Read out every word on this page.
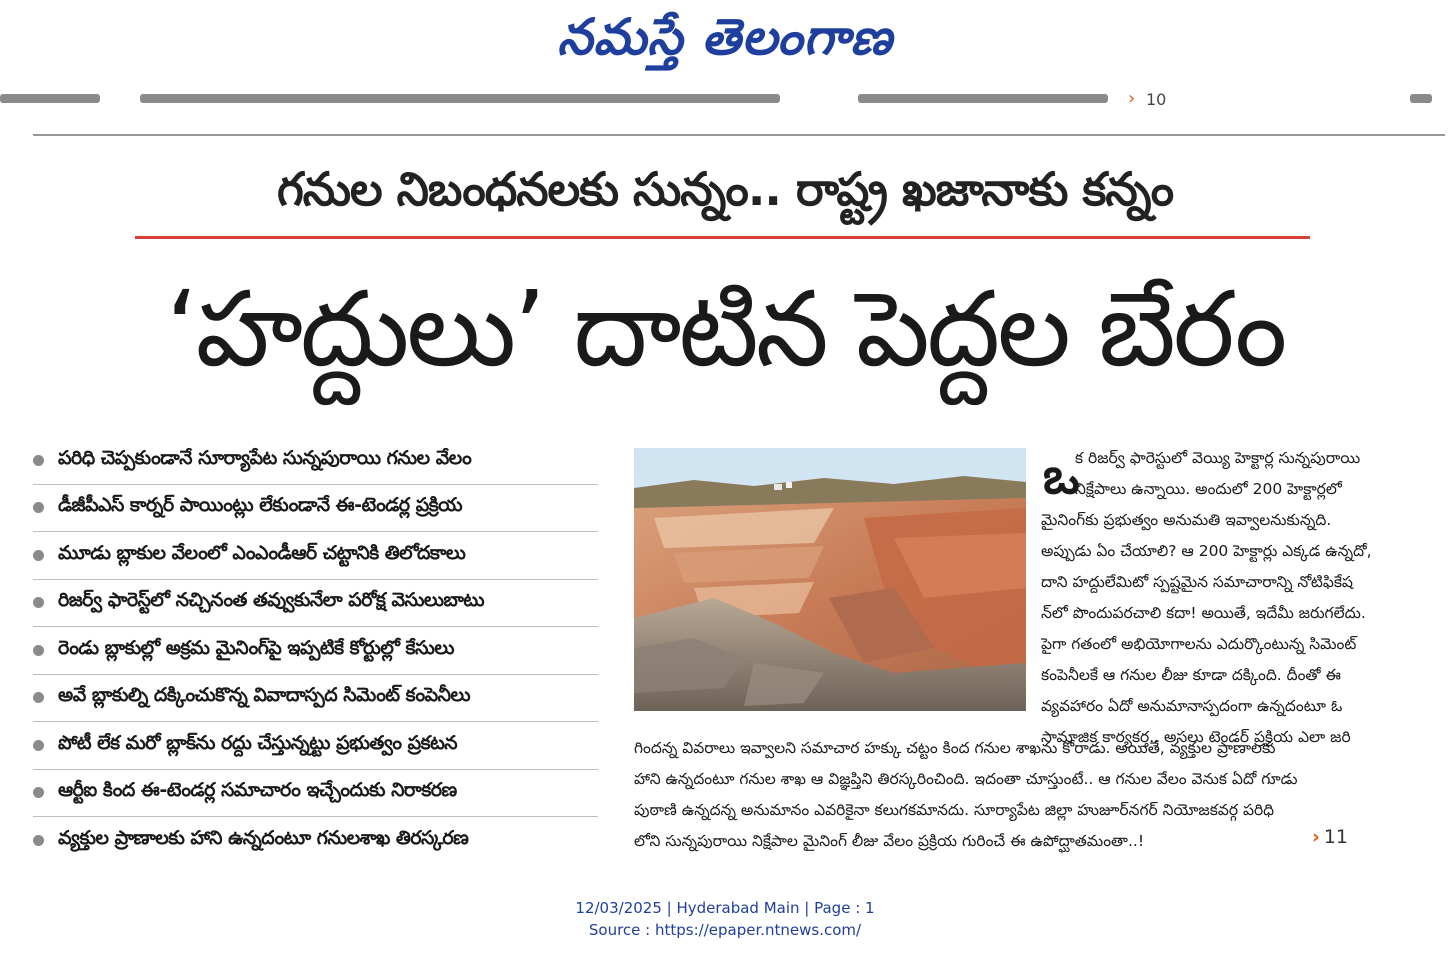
నమస్తే తెలంగాణ
› 10
గనుల నిబంధనలకు సున్నం.. రాష్ట్ర ఖజానాకు కన్నం
‘హద్దులు’ దాటిన పెద్దల బేరం
పరిధి చెప్పకుండానే సూర్యాపేట సున్నపురాయి గనుల వేలం
డీజీపీఎస్ కార్నర్ పాయింట్లు లేకుండానే ఈ-టెండర్ల ప్రక్రియ
మూడు బ్లాకుల వేలంలో ఎంఎండీఆర్ చట్టానికి తిలోదకాలు
రిజర్వ్ ఫారెస్ట్‌లో నచ్చినంత తవ్వుకునేలా పరోక్ష వెసులుబాటు
రెండు బ్లాకుల్లో అక్రమ మైనింగ్‌పై ఇప్పటికే కోర్టుల్లో కేసులు
అవే బ్లాకుల్ని దక్కించుకొన్న వివాదాస్పద సిమెంట్ కంపెనీలు
పోటీ లేక మరో బ్లాక్‌ను రద్దు చేస్తున్నట్టు ప్రభుత్వం ప్రకటన
ఆర్టీఐ కింద ఈ-టెండర్ల సమాచారం ఇచ్చేందుకు నిరాకరణ
వ్యక్తుల ప్రాణాలకు హాని ఉన్నదంటూ గనులశాఖ తిరస్కరణ
ఒ
క రిజర్వ్ ఫారెస్టులో వెయ్యి హెక్టార్ల సున్నపురాయి
నిక్షేపాలు ఉన్నాయి. అందులో 200 హెక్టార్లలో
మైనింగ్‌కు ప్రభుత్వం అనుమతి ఇవ్వాలనుకున్నది.
అప్పుడు ఏం చేయాలి? ఆ 200 హెక్టార్లు ఎక్కడ ఉన్నదో,
దాని హద్దులేమిటో స్పష్టమైన సమాచారాన్ని నోటిఫికేష
న్‌లో పొందుపరచాలి కదా! అయితే, ఇదేమీ జరుగలేదు.
పైగా గతంలో అభియోగాలను ఎదుర్కొంటున్న సిమెంట్
కంపెనీలకే ఆ గనుల లీజు కూడా దక్కింది. దీంతో ఈ
వ్యవహారం ఏదో అనుమానాస్పదంగా ఉన్నదంటూ ఓ
సామాజిక కార్యకర్త.. అసలు టెండర్ ప్రక్రియ ఎలా జరి
గిందన్న వివరాలు ఇవ్వాలని సమాచార హక్కు చట్టం కింద గనుల శాఖను కోరాడు. అయితే, వ్యక్తుల ప్రాణాలకు
హాని ఉన్నదంటూ గనుల శాఖ ఆ విజ్ఞప్తిని తిరస్కరించింది. ఇదంతా చూస్తుంటే.. ఆ గనుల వేలం వెనుక ఏదో గూడు
పుఠాణి ఉన్నదన్న అనుమానం ఎవరికైనా కలుగకమానదు. సూర్యాపేట జిల్లా హుజూర్‌నగర్ నియోజకవర్గ పరిధి
లోని సున్నపురాయి నిక్షేపాల మైనింగ్ లీజు వేలం ప్రక్రియ గురించే ఈ ఉపోద్ఘాతమంతా..!	› 11
12/03/2025 | Hyderabad Main | Page : 1
Source : https://epaper.ntnews.com/
